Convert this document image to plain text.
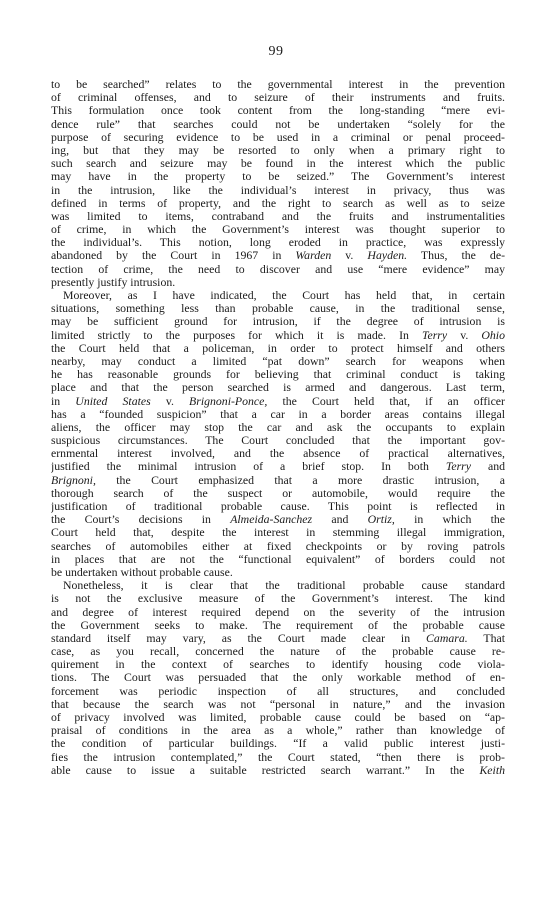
99
to be searched” relates to the governmental interest in the prevention
of criminal offenses, and to seizure of their instruments and fruits.
This formulation once took content from the long-standing “mere evi-
dence rule” that searches could not be undertaken “solely for the
purpose of securing evidence to be used in a criminal or penal proceed-
ing, but that they may be resorted to only when a primary right to
such search and seizure may be found in the interest which the public
may have in the property to be seized.” The Government’s interest
in the intrusion, like the individual’s interest in privacy, thus was
defined in terms of property, and the right to search as well as to seize
was limited to items, contraband and the fruits and instrumentalities
of crime, in which the Government’s interest was thought superior to
the individual’s. This notion, long eroded in practice, was expressly
abandoned by the Court in 1967 in Warden v. Hayden. Thus, the de-
tection of crime, the need to discover and use “mere evidence” may
presently justify intrusion.
Moreover, as I have indicated, the Court has held that, in certain
situations, something less than probable cause, in the traditional sense,
may be sufficient ground for intrusion, if the degree of intrusion is
limited strictly to the purposes for which it is made. In Terry v. Ohio
the Court held that a policeman, in order to protect himself and others
nearby, may conduct a limited “pat down” search for weapons when
he has reasonable grounds for believing that criminal conduct is taking
place and that the person searched is armed and dangerous. Last term,
in United States v. Brignoni-Ponce, the Court held that, if an officer
has a “founded suspicion” that a car in a border areas contains illegal
aliens, the officer may stop the car and ask the occupants to explain
suspicious circumstances. The Court concluded that the important gov-
ernmental interest involved, and the absence of practical alternatives,
justified the minimal intrusion of a brief stop. In both Terry and
Brignoni, the Court emphasized that a more drastic intrusion, a
thorough search of the suspect or automobile, would require the
justification of traditional probable cause. This point is reflected in
the Court’s decisions in Almeida-Sanchez and Ortiz, in which the
Court held that, despite the interest in stemming illegal immigration,
searches of automobiles either at fixed checkpoints or by roving patrols
in places that are not the “functional equivalent” of borders could not
be undertaken without probable cause.
Nonetheless, it is clear that the traditional probable cause standard
is not the exclusive measure of the Government’s interest. The kind
and degree of interest required depend on the severity of the intrusion
the Government seeks to make. The requirement of the probable cause
standard itself may vary, as the Court made clear in Camara. That
case, as you recall, concerned the nature of the probable cause re-
quirement in the context of searches to identify housing code viola-
tions. The Court was persuaded that the only workable method of en-
forcement was periodic inspection of all structures, and concluded
that because the search was not “personal in nature,” and the invasion
of privacy involved was limited, probable cause could be based on “ap-
praisal of conditions in the area as a whole,” rather than knowledge of
the condition of particular buildings. “If a valid public interest justi-
fies the intrusion contemplated,” the Court stated, “then there is prob-
able cause to issue a suitable restricted search warrant.” In the Keith
